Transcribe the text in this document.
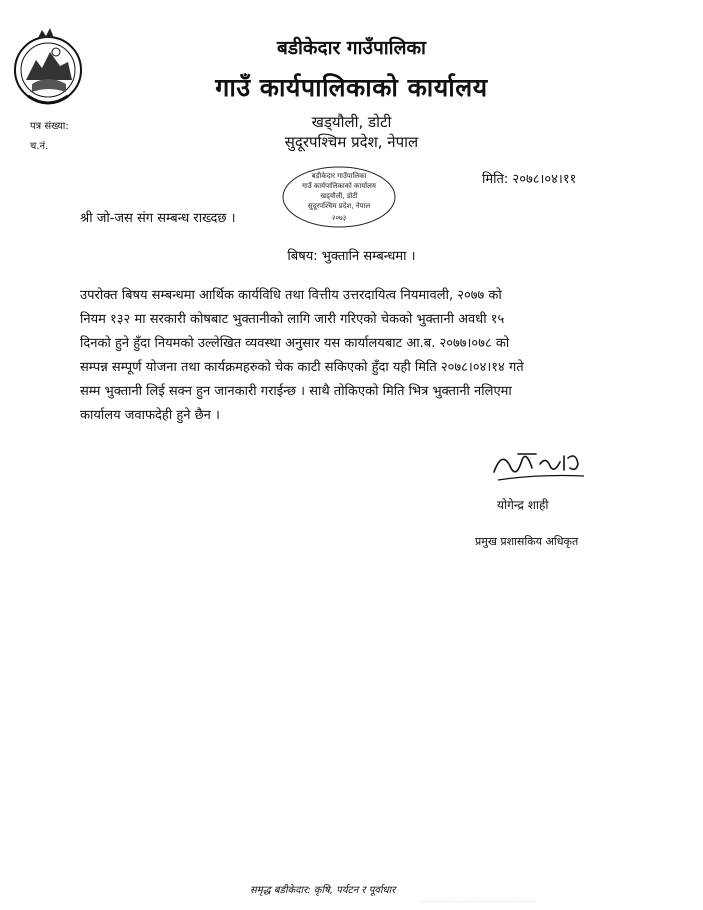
बडीकेदार गाउँपालिका
गाउँ कार्यपालिकाको कार्यालय
खड्‍यौली, डोटी
सुदूरपश्चिम प्रदेश, नेपाल
पत्र संख्या:
च.नं.
मिति: २०७८।०४।११
बडीकेदार गाउँपालिका
गाउँ कार्यपालिकाको कार्यालय
खड्‍यौली, डोटी
सुदूरपश्चिम प्रदेश, नेपाल
२०७३
श्री जो-जस संग सम्बन्ध राख्दछ ।
बिषय: भुक्तानि सम्बन्धमा ।
उपरोक्त बिषय सम्बन्धमा आर्थिक कार्यविधि तथा वित्तीय उत्तरदायित्व नियमावली, २०७७ को
नियम १३२ मा सरकारी कोषबाट भुक्तानीको लागि जारी गरिएको चेकको भुक्तानी अवधी १५
दिनको हुने हुँदा नियमको उल्लेखित व्यवस्था अनुसार यस कार्यालयबाट आ.ब. २०७७।०७८ को
सम्पन्न सम्पूर्ण योजना तथा कार्यक्रमहरुको चेक काटी सकिएको हुँदा यही मिति २०७८।०४।१४ गते
सम्म भुक्तानी लिई सक्न हुन जानकारी गराईन्छ । साथै तोकिएको मिति भित्र भुक्तानी नलिएमा
कार्यालय जवाफदेही हुने छैन ।
योगेन्द्र शाही
प्रमुख प्रशासकिय अधिकृत
समृद्ध बडीकेदार: कृषि, पर्यटन र पूर्वाधार
·····················································
